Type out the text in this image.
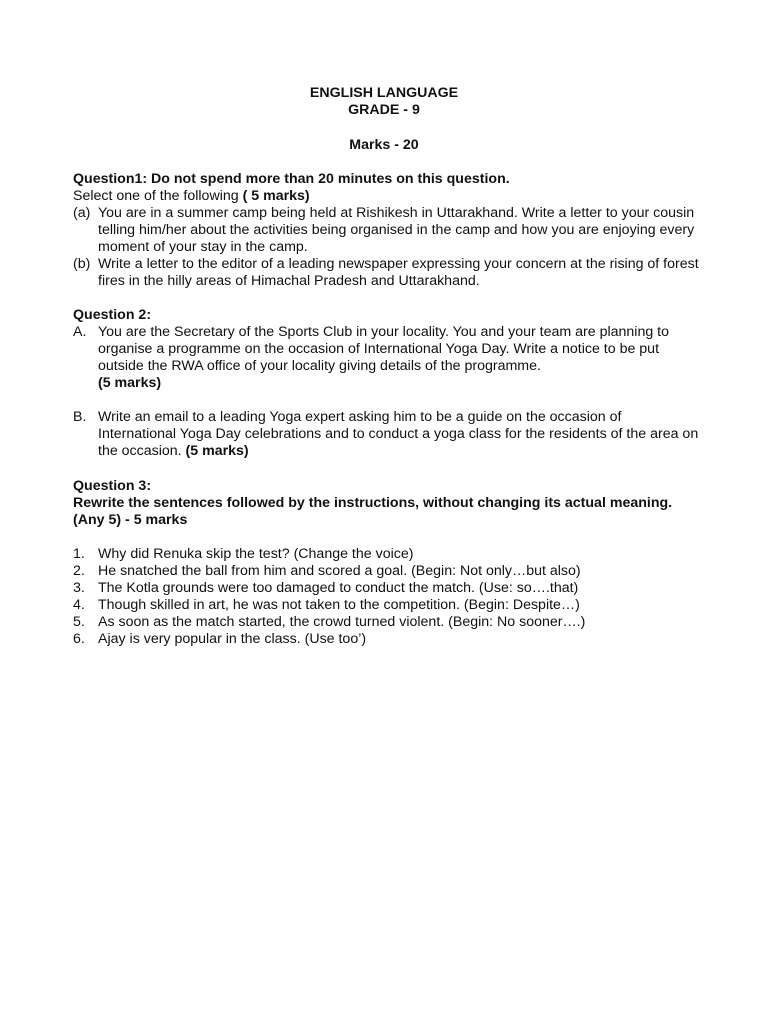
ENGLISH LANGUAGE
GRADE - 9
Marks - 20
Question1: Do not spend more than 20 minutes on this question.
Select one of the following ( 5 marks)
(a) You are in a summer camp being held at Rishikesh in Uttarakhand. Write a letter to your cousin telling him/her about the activities being organised in the camp and how you are enjoying every moment of your stay in the camp.
(b) Write a letter to the editor of a leading newspaper expressing your concern at the rising of forest fires in the hilly areas of Himachal Pradesh and Uttarakhand.
Question 2:
A. You are the Secretary of the Sports Club in your locality. You and your team are planning to organise a programme on the occasion of International Yoga Day. Write a notice to be put outside the RWA office of your locality giving details of the programme.
(5 marks)
B. Write an email to a leading Yoga expert asking him to be a guide on the occasion of International Yoga Day celebrations and to conduct a yoga class for the residents of the area on the occasion. (5 marks)
Question 3:
Rewrite the sentences followed by the instructions, without changing its actual meaning. (Any 5) - 5 marks
1. Why did Renuka skip the test? (Change the voice)
2. He snatched the ball from him and scored a goal. (Begin: Not only…but also)
3. The Kotla grounds were too damaged to conduct the match. (Use: so….that)
4. Though skilled in art, he was not taken to the competition. (Begin: Despite…)
5. As soon as the match started, the crowd turned violent. (Begin: No sooner….)
6. Ajay is very popular in the class. (Use too’)
